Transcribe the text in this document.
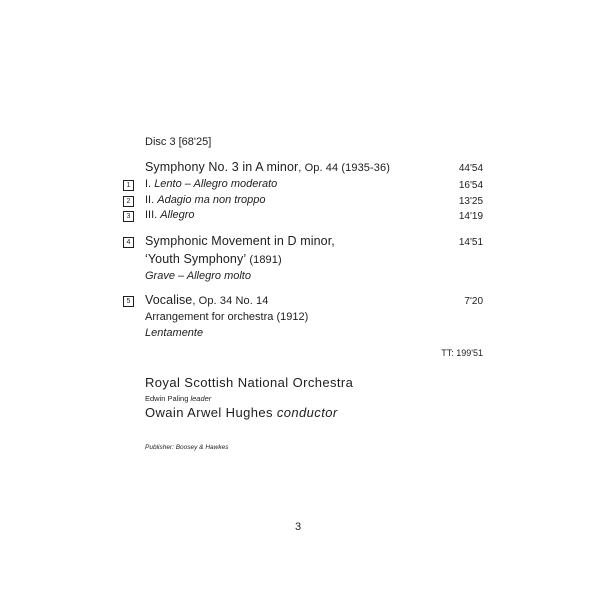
Disc 3 [68'25]
Symphony No. 3 in A minor, Op. 44 (1935-36)	44'54
1	I. Lento – Allegro moderato	16'54
2	II. Adagio ma non troppo	13'25
3	III. Allegro	14'19
4 Symphonic Movement in D minor,	14'51
‘Youth Symphony’ (1891)
Grave – Allegro molto
5 Vocalise, Op. 34 No. 14	7'20
Arrangement for orchestra (1912)
Lentamente
TT: 199'51
Royal Scottish National Orchestra
Edwin Paling leader
Owain Arwel Hughes conductor
Publisher: Boosey & Hawkes
3
